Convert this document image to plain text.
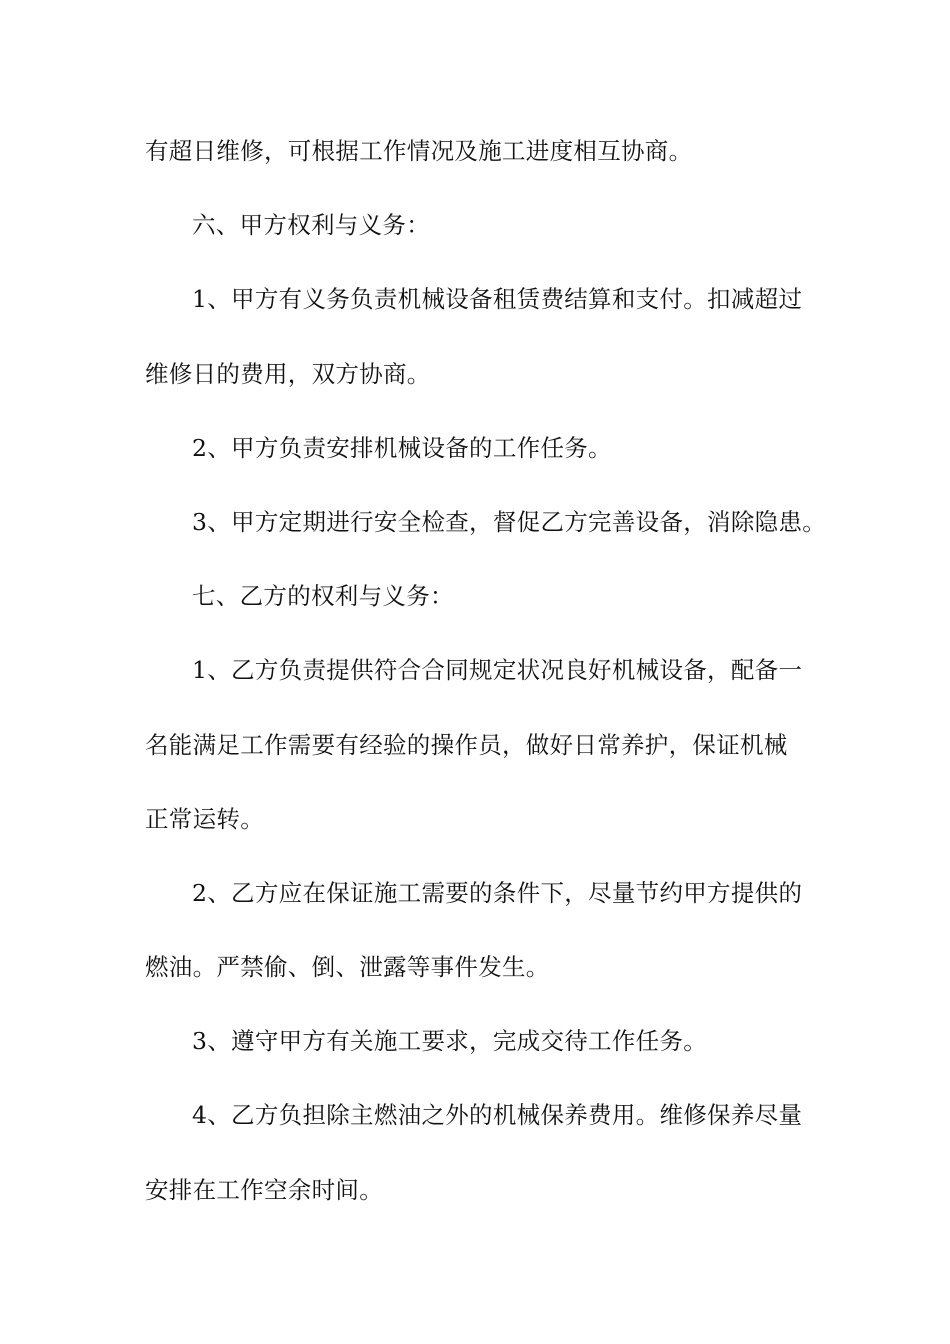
有超日维修，可根据工作情况及施工进度相互协商。
六、甲方权利与义务：
1、甲方有义务负责机械设备租赁费结算和支付。扣减超过
维修日的费用，双方协商。
2、甲方负责安排机械设备的工作任务。
3、甲方定期进行安全检查，督促乙方完善设备，消除隐患。
七、乙方的权利与义务：
1、乙方负责提供符合合同规定状况良好机械设备，配备一
名能满足工作需要有经验的操作员，做好日常养护，保证机械
正常运转。
2、乙方应在保证施工需要的条件下，尽量节约甲方提供的
燃油。严禁偷、倒、泄露等事件发生。
3、遵守甲方有关施工要求，完成交待工作任务。
4、乙方负担除主燃油之外的机械保养费用。维修保养尽量
安排在工作空余时间。
